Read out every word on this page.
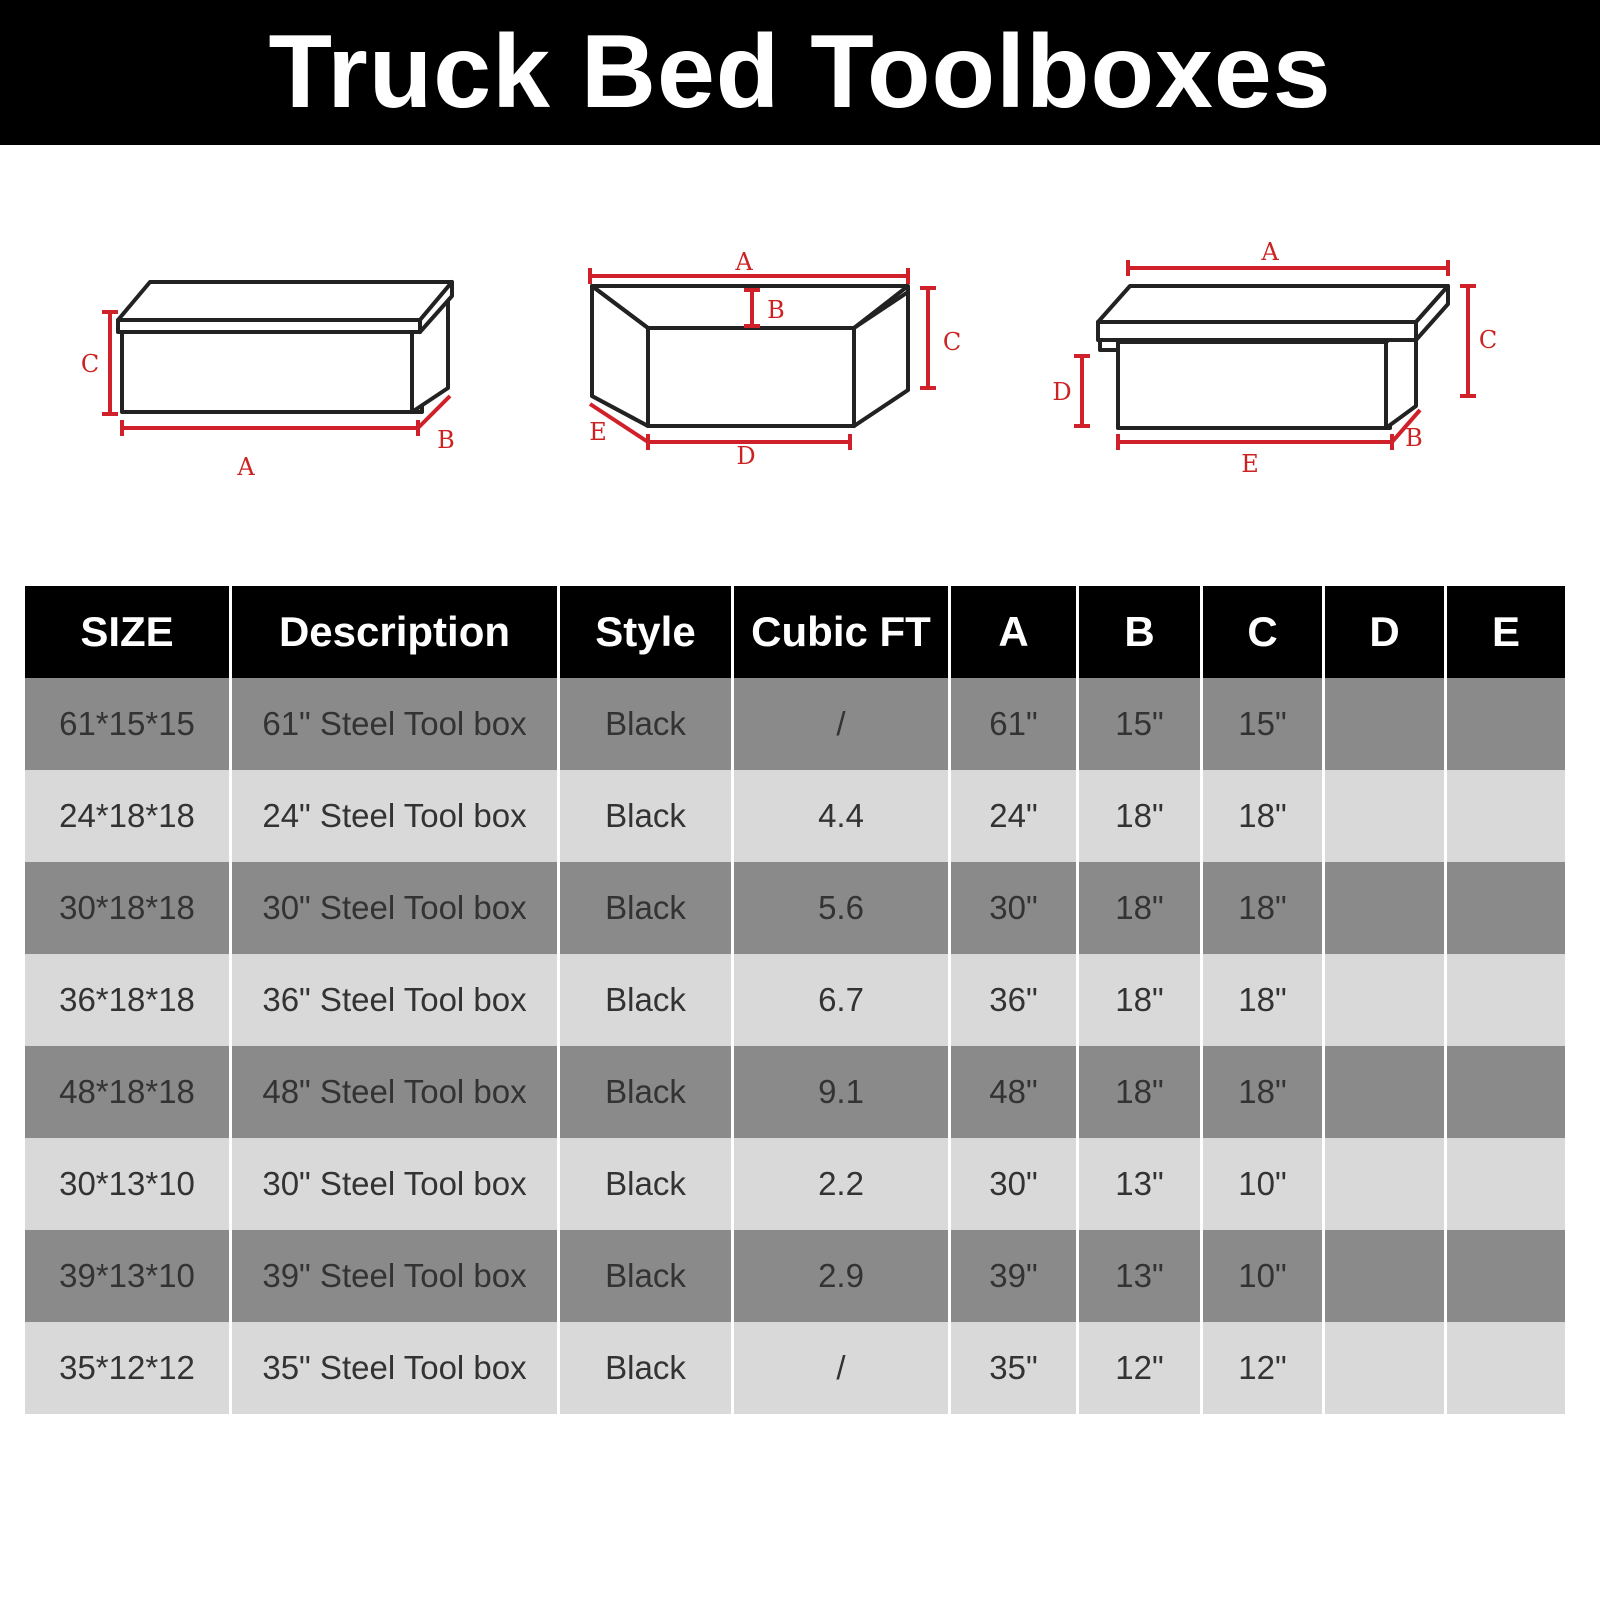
Truck Bed Toolboxes
C
A
B
A
B
C
D
E
A
C
D
E
B
SIZE	Description	Style	Cubic FT	A	B	C	D	E
61*15*15	61" Steel Tool box	Black	/	61"	15"	15"		
24*18*18	24" Steel Tool box	Black	4.4	24"	18"	18"		
30*18*18	30" Steel Tool box	Black	5.6	30"	18"	18"		
36*18*18	36" Steel Tool box	Black	6.7	36"	18"	18"		
48*18*18	48" Steel Tool box	Black	9.1	48"	18"	18"		
30*13*10	30" Steel Tool box	Black	2.2	30"	13"	10"		
39*13*10	39" Steel Tool box	Black	2.9	39"	13"	10"		
35*12*12	35" Steel Tool box	Black	/	35"	12"	12"		
